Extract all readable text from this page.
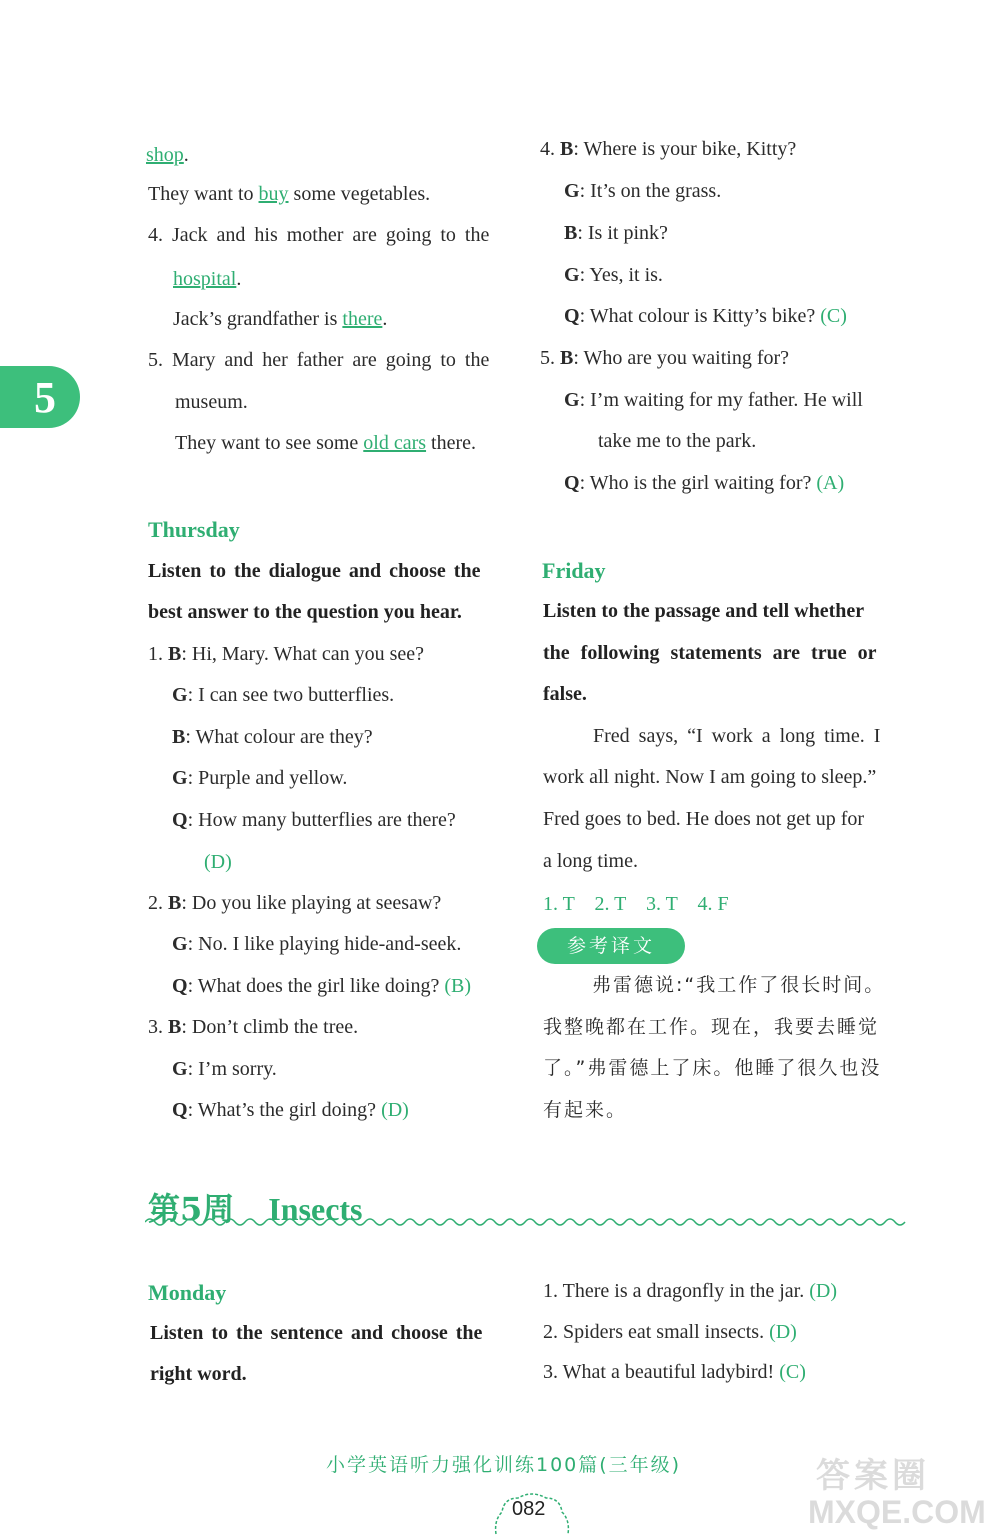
5
shop.
They want to buy some vegetables.
4. Jack and his mother are going to the
hospital.
Jack’s grandfather is there.
5. Mary and her father are going to the
museum.
They want to see some old cars there.
4. B: Where is your bike, Kitty?
G: It’s on the grass.
B: Is it pink?
G: Yes, it is.
Q: What colour is Kitty’s bike? (C)
5. B: Who are you waiting for?
G: I’m waiting for my father. He will
take me to the park.
Q: Who is the girl waiting for? (A)
Thursday
Listen to the dialogue and choose the
best answer to the question you hear.
1. B: Hi, Mary. What can you see?
G: I can see two butterflies.
B: What colour are they?
G: Purple and yellow.
Q: How many butterflies are there?
(D)
2. B: Do you like playing at seesaw?
G: No. I like playing hide-and-seek.
Q: What does the girl like doing? (B)
3. B: Don’t climb the tree.
G: I’m sorry.
Q: What’s the girl doing? (D)
Friday
Listen to the passage and tell whether
the following statements are true or
false.
Fred says, “I work a long time. I
work all night. Now I am going to sleep.”
Fred goes to bed. He does not get up for
a long time.
1. T    2. T    3. T    4. F
参考译文
弗雷德说:“我工作了很长时间。
我整晚都在工作。现在，我要去睡觉
了。”弗雷德上了床。他睡了很久也没
有起来。
第5周 Insects
Monday
Listen to the sentence and choose the
right word.
1. There is a dragonfly in the jar. (D)
2. Spiders eat small insects. (D)
3. What a beautiful ladybird! (C)
小学英语听力强化训练100篇(三年级)
082
答案圈
MXQE.COM
